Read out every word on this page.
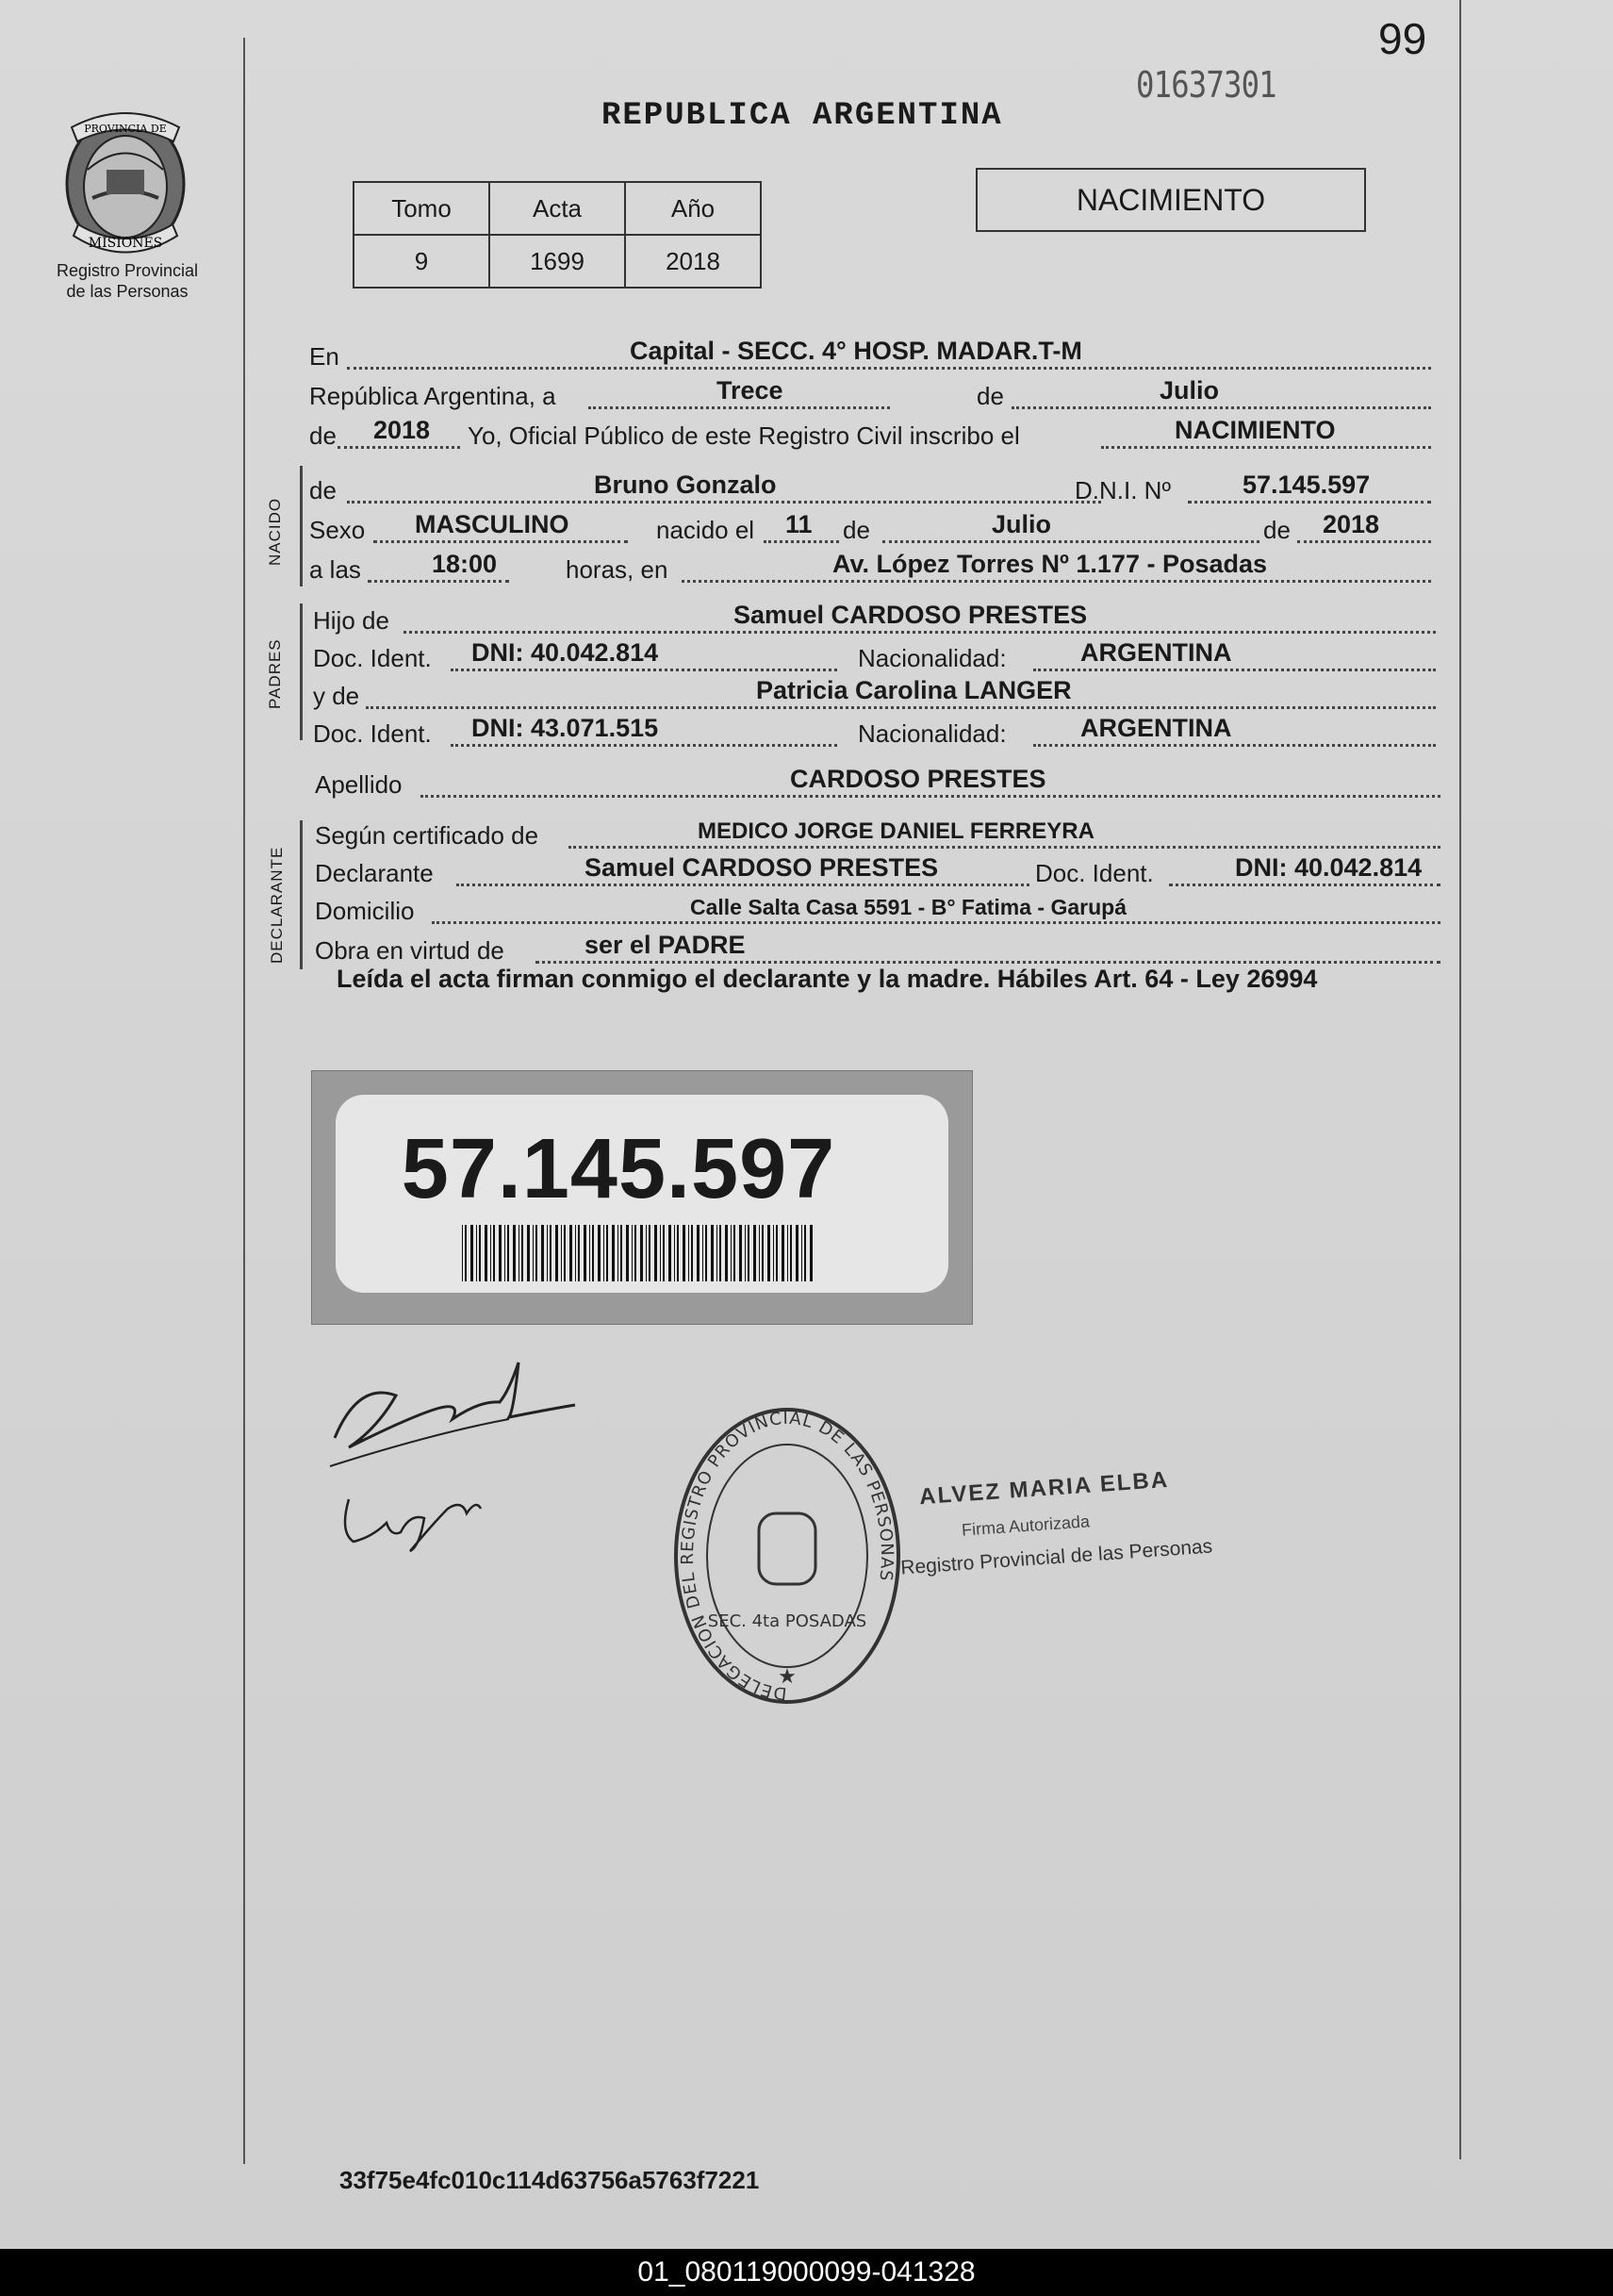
99
01637301
REPUBLICA ARGENTINA
PROVINCIA DE
MISIONES
Registro Provincial
de las Personas
Tomo	Acta	Año
9	1699	2018
NACIMIENTO
En	Capital - SECC. 4° HOSP. MADAR.T-M
República Argentina, a	Trece	de	Julio
de 2018 Yo, Oficial Público de este Registro Civil inscribo el	NACIMIENTO
NACIDO
de	Bruno Gonzalo	D.N.I. Nº	57.145.597
Sexo MASCULINO	nacido el 11 de	Julio	de 2018
a las	18:00	horas, en	Av. López Torres Nº 1.177 - Posadas
PADRES
Hijo de	Samuel CARDOSO PRESTES
Doc. Ident. DNI: 40.042.814	Nacionalidad:	ARGENTINA
y de	Patricia Carolina LANGER
Doc. Ident. DNI: 43.071.515	Nacionalidad:	ARGENTINA
Apellido	CARDOSO PRESTES
DECLARANTE
Según certificado de	MEDICO JORGE DANIEL FERREYRA
Declarante	Samuel CARDOSO PRESTES	Doc. Ident.	DNI: 40.042.814
Domicilio	Calle Salta Casa 5591 - B° Fatima - Garupá
Obra en virtud de	ser el PADRE
Leída el acta firman conmigo el declarante y la madre. Hábiles Art. 64 - Ley 26994
57.145.597
DELEGACION DEL REGISTRO PROVINCIAL DE LAS PERSONAS
SEC. 4ta POSADAS
★
ALVEZ MARIA ELBA
Firma Autorizada
Registro Provincial de las Personas
33f75e4fc010c114d63756a5763f7221
01_080119000099-041328
